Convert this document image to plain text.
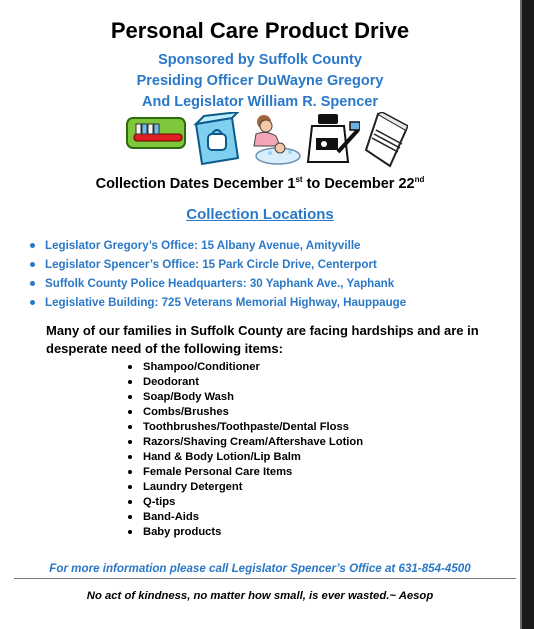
Personal Care Product Drive
Sponsored by Suffolk County
Presiding Officer DuWayne Gregory
And Legislator William R. Spencer
Collection Dates December 1st to December 22nd
Collection Locations
Legislator Gregory’s Office: 15 Albany Avenue, Amityville
Legislator Spencer’s Office: 15 Park Circle Drive, Centerport
Suffolk County Police Headquarters: 30 Yaphank Ave., Yaphank
Legislative Building: 725 Veterans Memorial Highway, Hauppauge
Many of our families in Suffolk County are facing hardships and are in desperate need of the following items:
Shampoo/Conditioner
Deodorant
Soap/Body Wash
Combs/Brushes
Toothbrushes/Toothpaste/Dental Floss
Razors/Shaving Cream/Aftershave Lotion
Hand & Body Lotion/Lip Balm
Female Personal Care Items
Laundry Detergent
Q-tips
Band-Aids
Baby products
For more information please call Legislator Spencer’s Office at 631-854-4500
No act of kindness, no matter how small, is ever wasted.~ Aesop
